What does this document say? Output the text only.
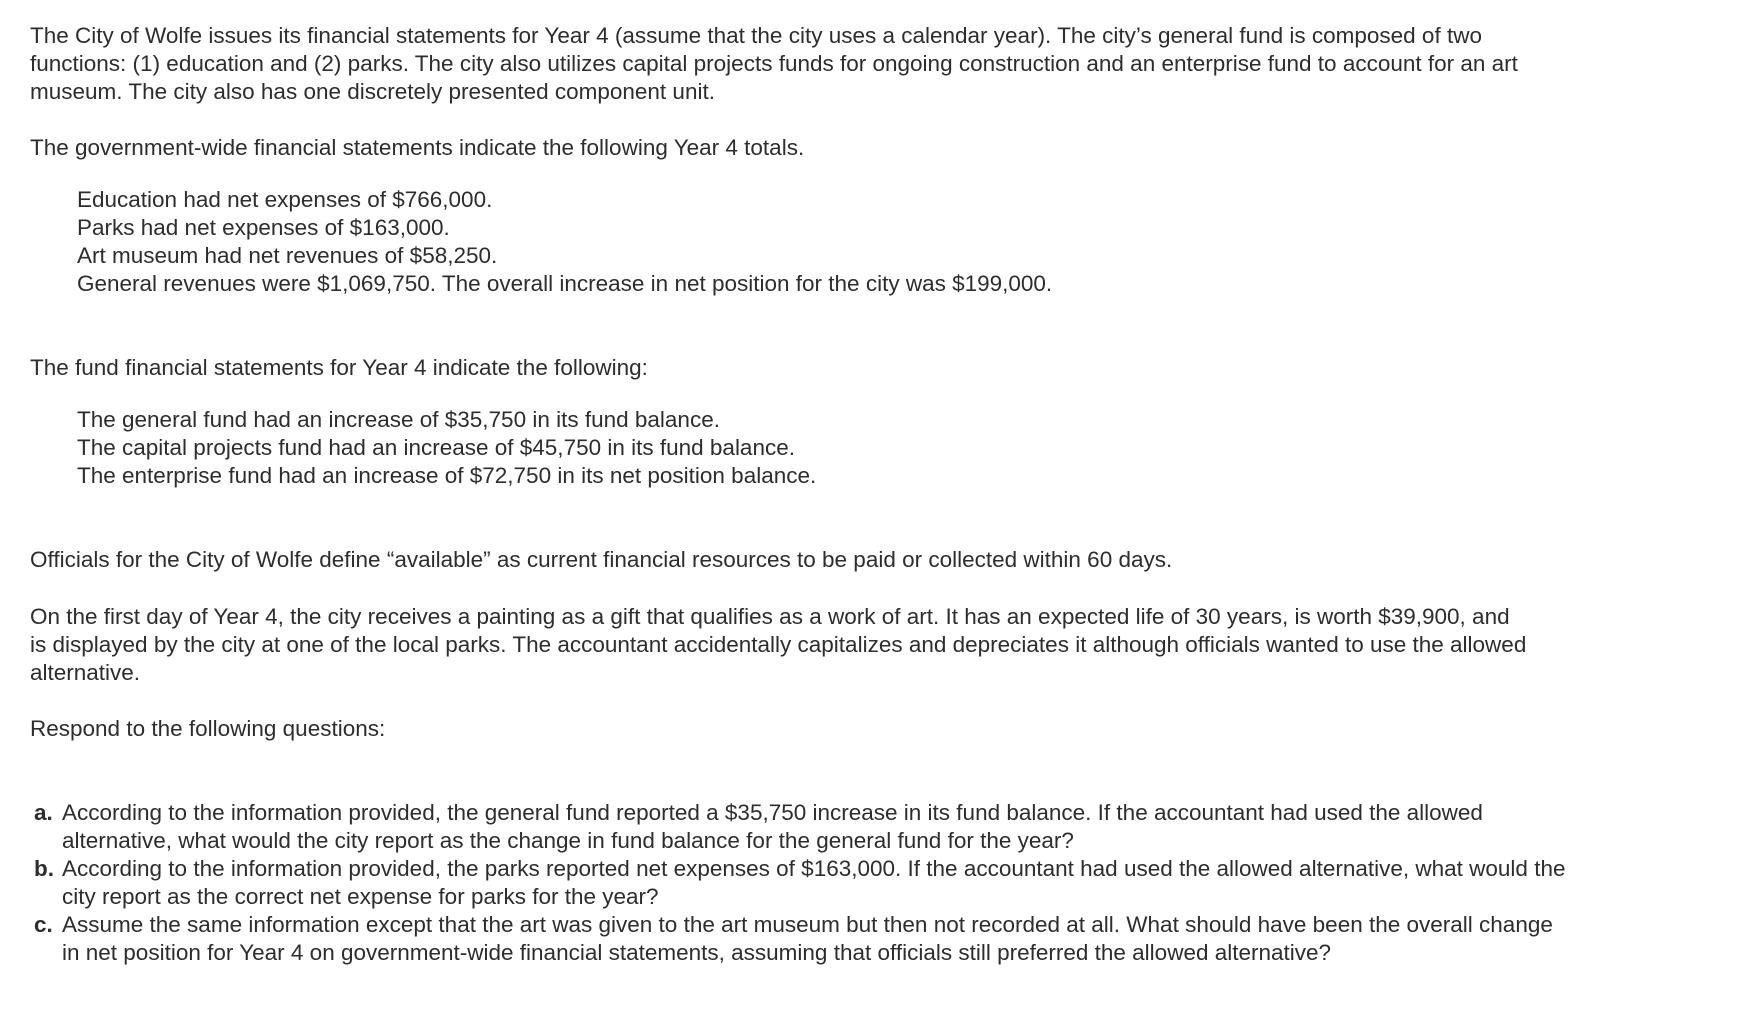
The City of Wolfe issues its financial statements for Year 4 (assume that the city uses a calendar year). The city’s general fund is composed of two functions: (1) education and (2) parks. The city also utilizes capital projects funds for ongoing construction and an enterprise fund to account for an art museum. The city also has one discretely presented component unit.

The government-wide financial statements indicate the following Year 4 totals.

Education had net expenses of $766,000.
Parks had net expenses of $163,000.
Art museum had net revenues of $58,250.
General revenues were $1,069,750. The overall increase in net position for the city was $199,000.

The fund financial statements for Year 4 indicate the following:

The general fund had an increase of $35,750 in its fund balance.
The capital projects fund had an increase of $45,750 in its fund balance.
The enterprise fund had an increase of $72,750 in its net position balance.

Officials for the City of Wolfe define “available” as current financial resources to be paid or collected within 60 days.

On the first day of Year 4, the city receives a painting as a gift that qualifies as a work of art. It has an expected life of 30 years, is worth $39,900, and is displayed by the city at one of the local parks. The accountant accidentally capitalizes and depreciates it although officials wanted to use the allowed alternative.

Respond to the following questions:

a. According to the information provided, the general fund reported a $35,750 increase in its fund balance. If the accountant had used the allowed alternative, what would the city report as the change in fund balance for the general fund for the year?
b. According to the information provided, the parks reported net expenses of $163,000. If the accountant had used the allowed alternative, what would the city report as the correct net expense for parks for the year?
c. Assume the same information except that the art was given to the art museum but then not recorded at all. What should have been the overall change in net position for Year 4 on government-wide financial statements, assuming that officials still preferred the allowed alternative?
